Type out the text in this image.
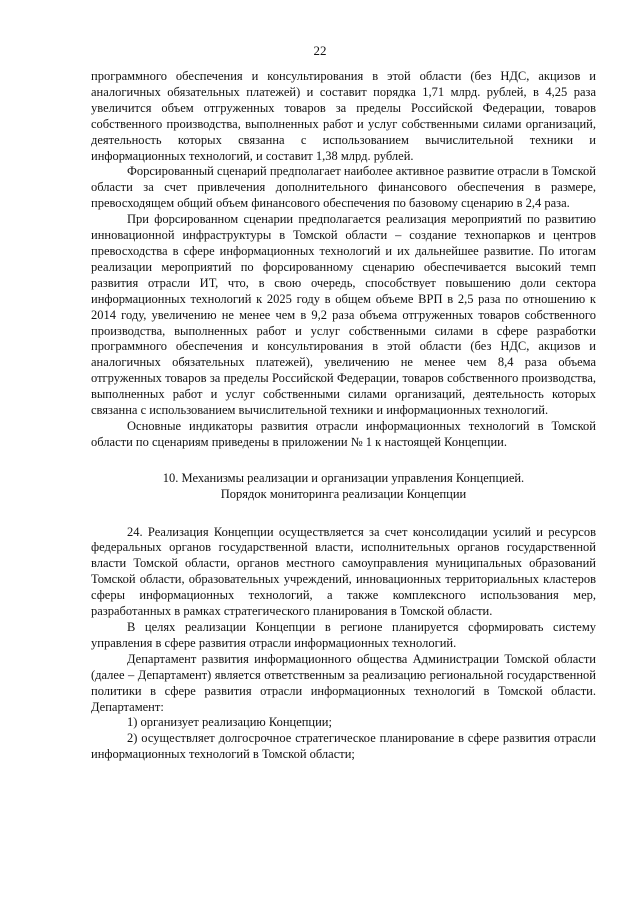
22

программного обеспечения и консультирования в этой области (без НДС, акцизов и аналогичных обязательных платежей) и составит порядка 1,71 млрд. рублей, в 4,25 раза увеличится объем отгруженных товаров за пределы Российской Федерации, товаров собственного производства, выполненных работ и услуг собственными силами организаций, деятельность которых связанна с использованием вычислительной техники и информационных технологий, и составит 1,38 млрд. рублей.

Форсированный сценарий предполагает наиболее активное развитие отрасли в Томской области за счет привлечения дополнительного финансового обеспечения в размере, превосходящем общий объем финансового обеспечения по базовому сценарию в 2,4 раза.

При форсированном сценарии предполагается реализация мероприятий по развитию инновационной инфраструктуры в Томской области – создание технопарков и центров превосходства в сфере информационных технологий и их дальнейшее развитие. По итогам реализации мероприятий по форсированному сценарию обеспечивается высокий темп развития отрасли ИТ, что, в свою очередь, способствует повышению доли сектора информационных технологий к 2025 году в общем объеме ВРП в 2,5 раза по отношению к 2014 году, увеличению не менее чем в 9,2 раза объема отгруженных товаров собственного производства, выполненных работ и услуг собственными силами в сфере разработки программного обеспечения и консультирования в этой области (без НДС, акцизов и аналогичных обязательных платежей), увеличению не менее чем 8,4 раза объема отгруженных товаров за пределы Российской Федерации, товаров собственного производства, выполненных работ и услуг собственными силами организаций, деятельность которых связанна с использованием вычислительной техники и информационных технологий.

Основные индикаторы развития отрасли информационных технологий в Томской области по сценариям приведены в приложении № 1 к настоящей Концепции.

10. Механизмы реализации и организации управления Концепцией.
Порядок мониторинга реализации Концепции

24. Реализация Концепции осуществляется за счет консолидации усилий и ресурсов федеральных органов государственной власти, исполнительных органов государственной власти Томской области, органов местного самоуправления муниципальных образований Томской области, образовательных учреждений, инновационных территориальных кластеров сферы информационных технологий, а также комплексного использования мер, разработанных в рамках стратегического планирования в Томской области.

В целях реализации Концепции в регионе планируется сформировать систему управления в сфере развития отрасли информационных технологий.

Департамент развития информационного общества Администрации Томской области (далее – Департамент) является ответственным за реализацию региональной государственной политики в сфере развития отрасли информационных технологий в Томской области. Департамент:

1) организует реализацию Концепции;

2) осуществляет долгосрочное стратегическое планирование в сфере развития отрасли информационных технологий в Томской области;
